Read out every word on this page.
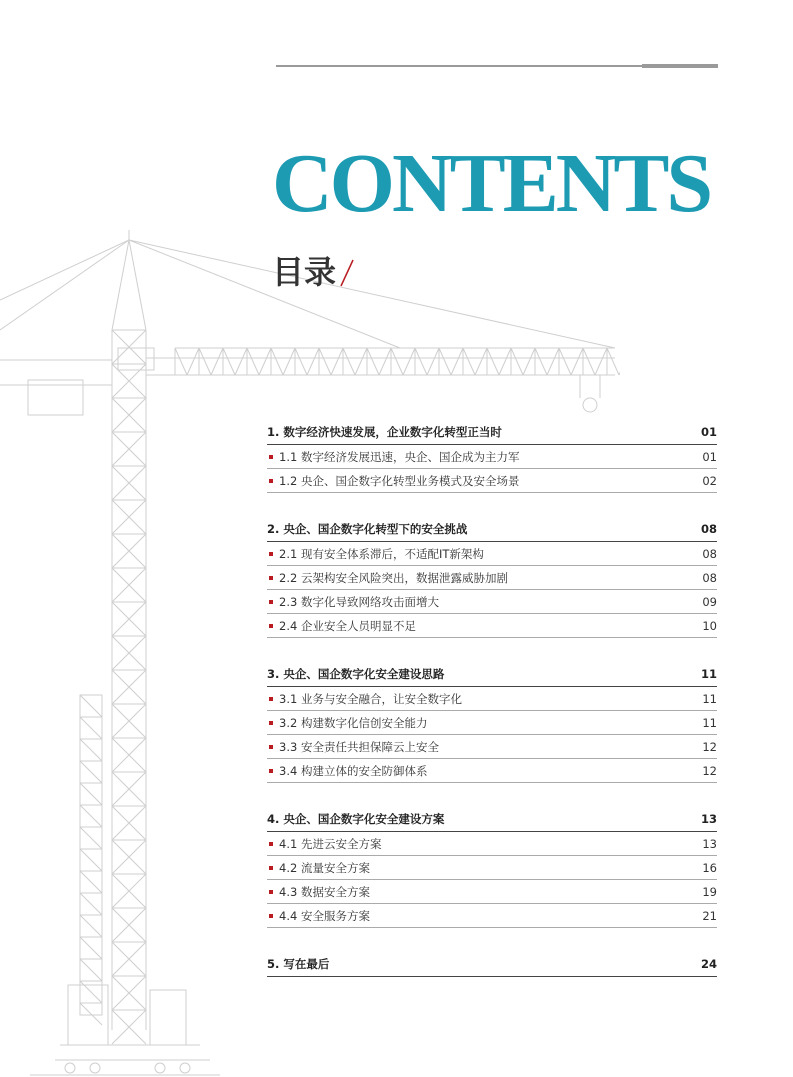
CONTENTS
目录
1. 数字经济快速发展，企业数字化转型正当时	01
1.1 数字经济发展迅速，央企、国企成为主力军	01
1.2 央企、国企数字化转型业务模式及安全场景	02
2. 央企、国企数字化转型下的安全挑战	08
2.1 现有安全体系滞后，不适配IT新架构	08
2.2 云架构安全风险突出，数据泄露威胁加剧	08
2.3 数字化导致网络攻击面增大	09
2.4 企业安全人员明显不足	10
3. 央企、国企数字化安全建设思路	11
3.1 业务与安全融合，让安全数字化	11
3.2 构建数字化信创安全能力	11
3.3 安全责任共担保障云上安全	12
3.4 构建立体的安全防御体系	12
4. 央企、国企数字化安全建设方案	13
4.1 先进云安全方案	13
4.2 流量安全方案	16
4.3 数据安全方案	19
4.4 安全服务方案	21
5. 写在最后	24
